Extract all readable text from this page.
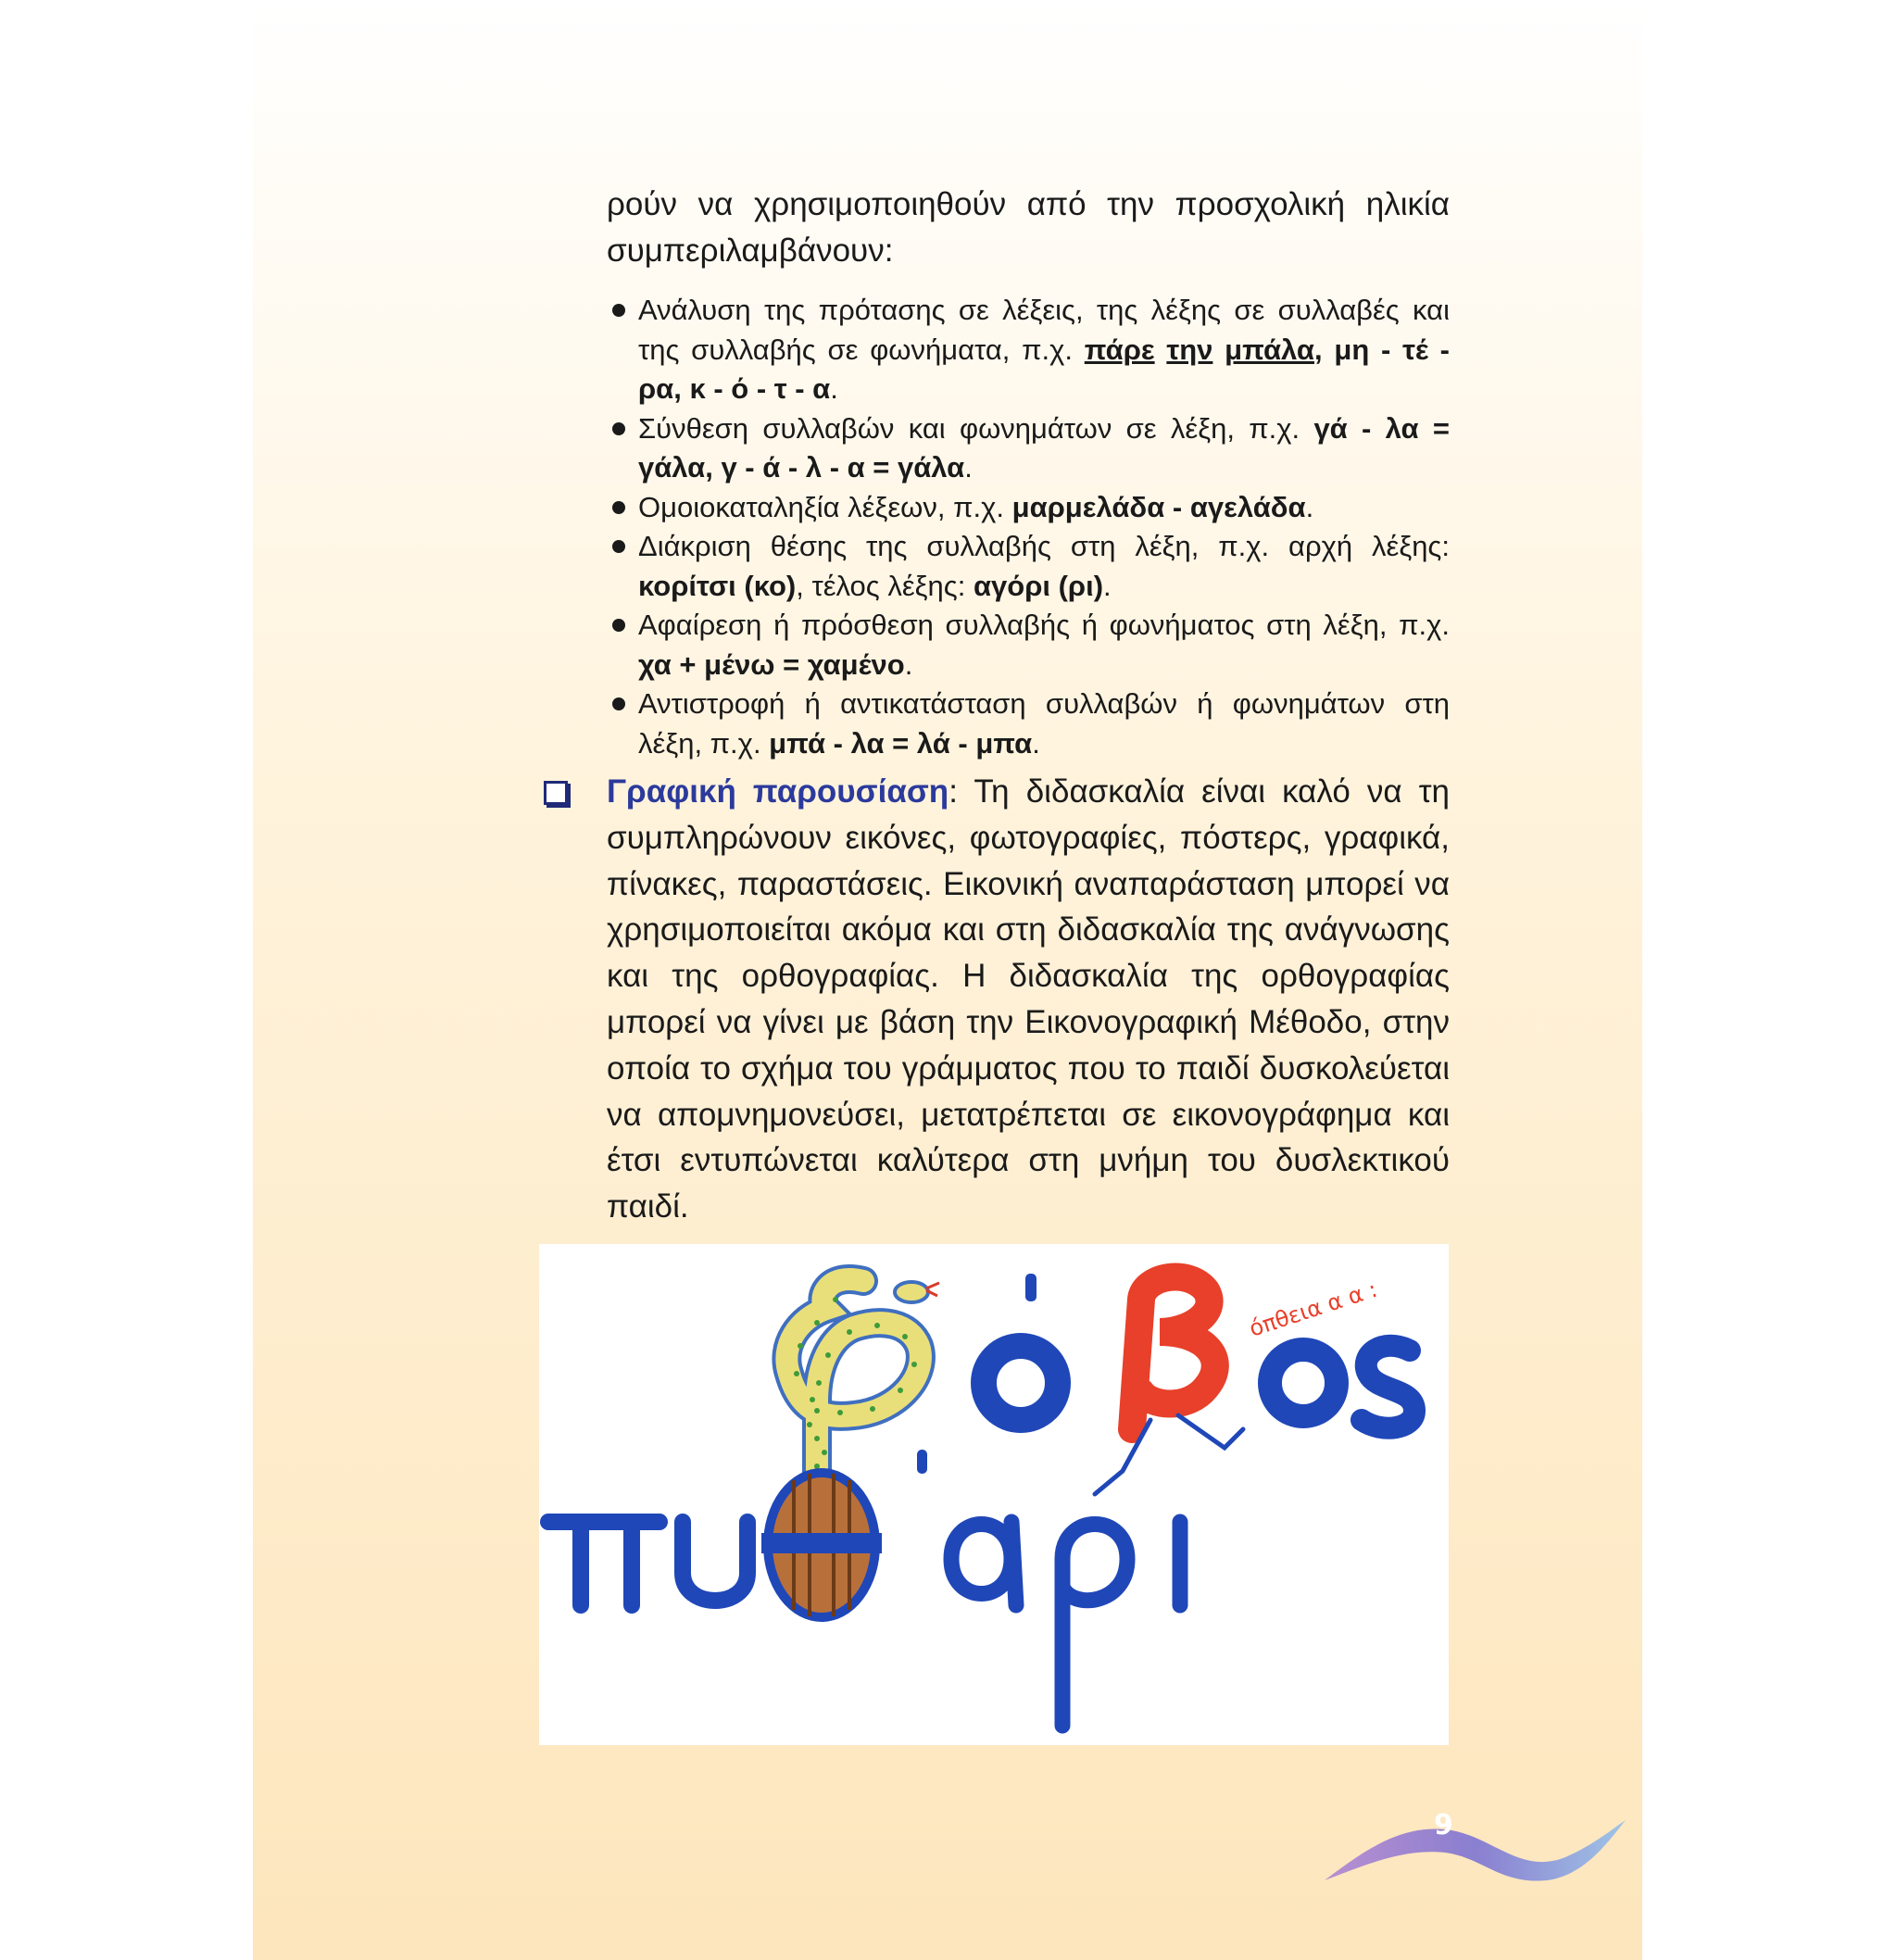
ρούν να χρησιμοποιηθούν από την προσχολική ηλικία συμπεριλαμβάνουν:

Ανάλυση της πρότασης σε λέξεις, της λέξης σε συλλαβές και της συλλαβής σε φωνήματα, π.χ. πάρε την μπάλα, μη - τέ - ρα, κ - ό - τ - α.
Σύνθεση συλλαβών και φωνημάτων σε λέξη, π.χ. γά - λα = γάλα, γ - ά - λ - α = γάλα.
Ομοιοκαταληξία λέξεων, π.χ. μαρμελάδα - αγελάδα.
Διάκριση θέσης της συλλαβής στη λέξη, π.χ. αρχή λέξης: κορίτσι (κο), τέλος λέξης: αγόρι (ρι).
Αφαίρεση ή πρόσθεση συλλαβής ή φωνήματος στη λέξη, π.χ. χα + μένω = χαμένο.
Αντιστροφή ή αντικατάσταση συλλαβών ή φωνημάτων στη λέξη, π.χ. μπά - λα = λά - μπα.

Γραφική παρουσίαση: Τη διδασκαλία είναι καλό να τη συμπληρώνουν εικόνες, φωτογραφίες, πόστερς, γραφικά, πίνακες, παραστάσεις. Εικονική αναπαράσταση μπορεί να χρησιμοποιείται ακόμα και στη διδασκαλία της ανάγνωσης και της ορθογραφίας. Η διδασκαλία της ορθογραφίας μπορεί να γίνει με βάση την Εικονογραφική Μέθοδο, στην οποία το σχήμα του γράμματος που το παιδί δυσκολεύεται να απομνημονεύσει, μετατρέπεται σε εικονογράφημα και έτσι εντυπώνεται καλύτερα στη μνήμη του δυσλεκτικού παιδί.

όπθεια α α :
9
